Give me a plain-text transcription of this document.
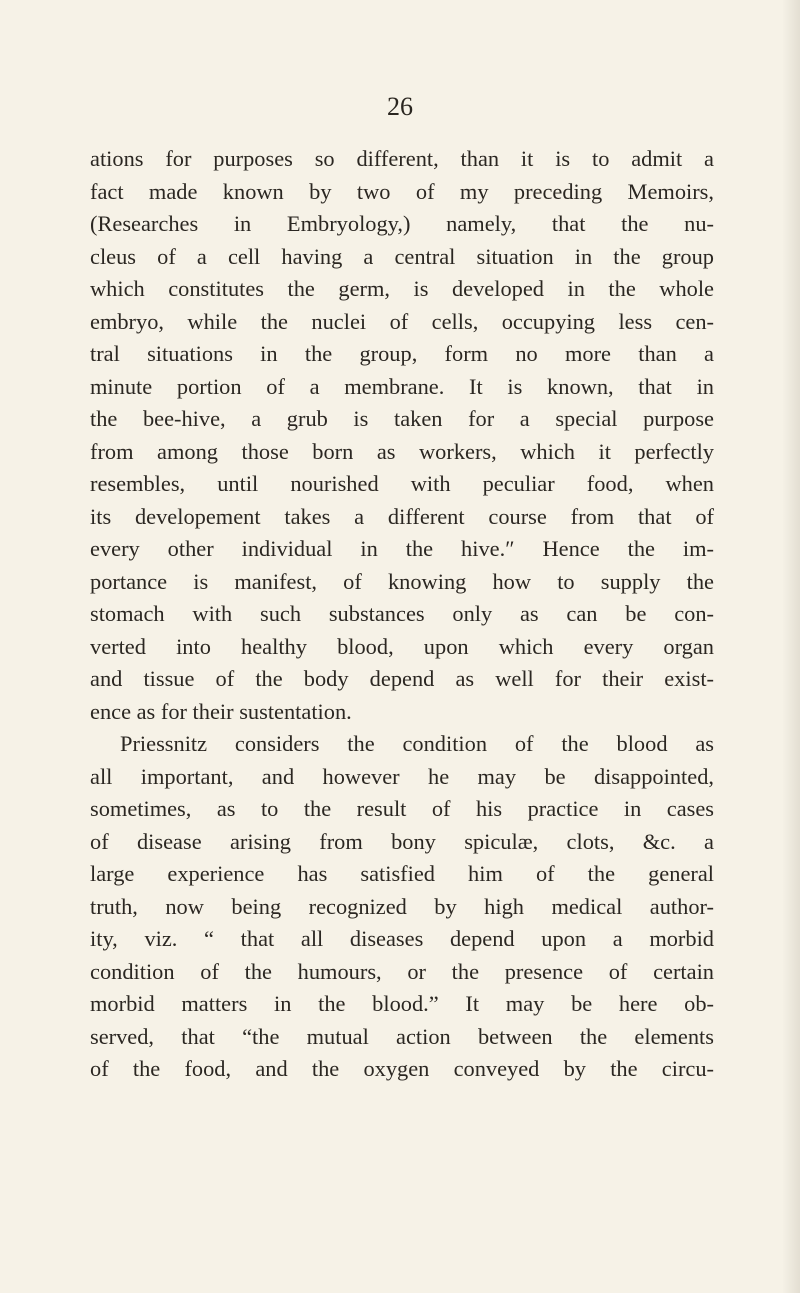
26
ations for purposes so different, than it is to admit a
fact made known by two of my preceding Memoirs,
(Researches in Embryology,) namely, that the nu-
cleus of a cell having a central situation in the group
which constitutes the germ, is developed in the whole
embryo, while the nuclei of cells, occupying less cen-
tral situations in the group, form no more than a
minute portion of a membrane. It is known, that in
the bee-hive, a grub is taken for a special purpose
from among those born as workers, which it perfectly
resembles, until nourished with peculiar food, when
its developement takes a different course from that of
every other individual in the hive.″ Hence the im-
portance is manifest, of knowing how to supply the
stomach with such substances only as can be con-
verted into healthy blood, upon which every organ
and tissue of the body depend as well for their exist-
ence as for their sustentation.
Priessnitz considers the condition of the blood as
all important, and however he may be disappointed,
sometimes, as to the result of his practice in cases
of disease arising from bony spiculæ, clots, &c. a
large experience has satisfied him of the general
truth, now being recognized by high medical author-
ity, viz. “ that all diseases depend upon a morbid
condition of the humours, or the presence of certain
morbid matters in the blood.” It may be here ob-
served, that “the mutual action between the elements
of the food, and the oxygen conveyed by the circu-
